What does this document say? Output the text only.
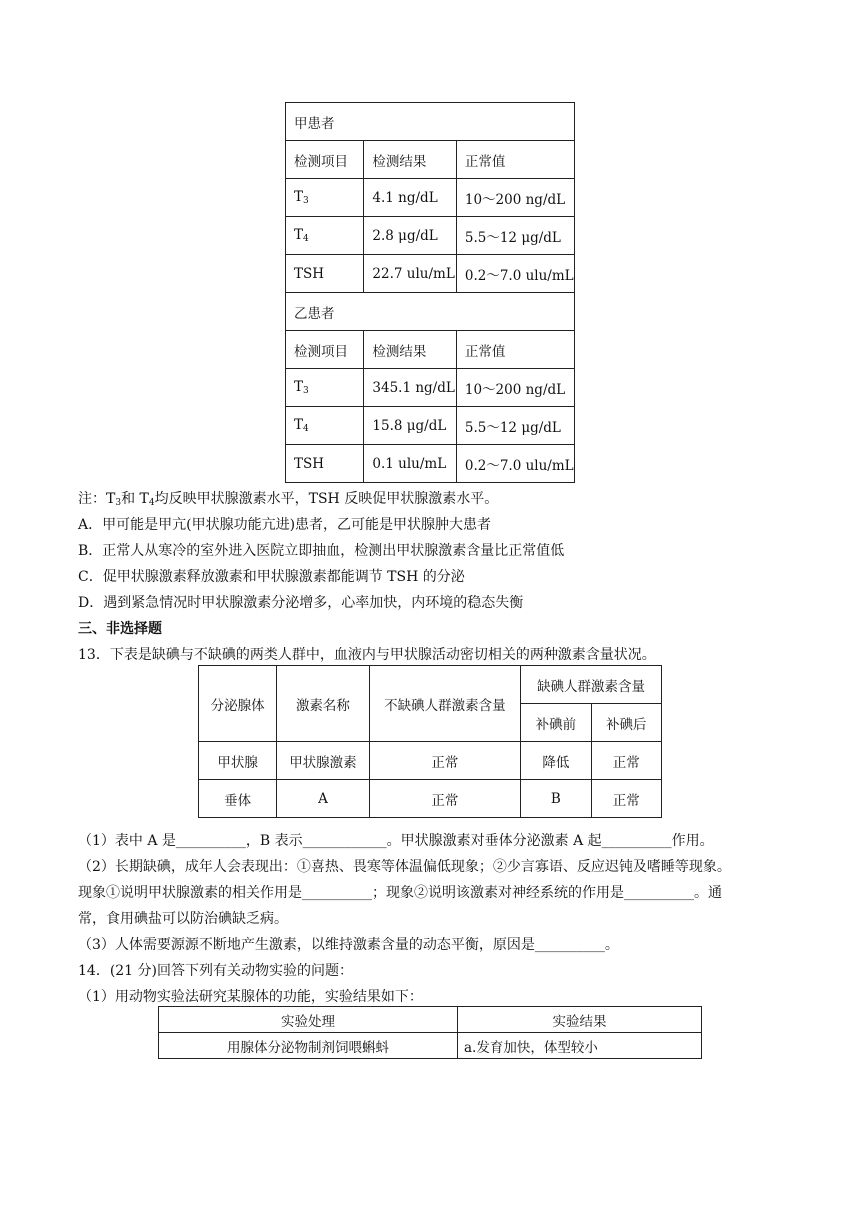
甲患者		
检测项目	检测结果	正常值
$T_3$	4.1 ng/dL	10～200 ng/dL
$T_4$	2.8 μg/dL	5.5～12 μg/dL
TSH	22.7 ulu/mL	0.2～7.0 ulu/mL
乙患者		
检测项目	检测结果	正常值
$T_3$	345.1 ng/dL	10～200 ng/dL
$T_4$	15.8 μg/dL	5.5～12 μg/dL
TSH	0.1 ulu/mL	0.2～7.0 ulu/mL
注：$T_3$和 $T_4$均反映甲状腺激素水平，TSH 反映促甲状腺激素水平。
A．甲可能是甲亢(甲状腺功能亢进)患者，乙可能是甲状腺肿大患者
B．正常人从寒冷的室外进入医院立即抽血，检测出甲状腺激素含量比正常值低
C．促甲状腺激素释放激素和甲状腺激素都能调节 TSH 的分泌
D．遇到紧急情况时甲状腺激素分泌增多，心率加快，内环境的稳态失衡
三、非选择题
13．下表是缺碘与不缺碘的两类人群中，血液内与甲状腺活动密切相关的两种激素含量状况。
分泌腺体	激素名称	不缺碘人群激素含量	缺碘人群激素含量	
			补碘前	补碘后
甲状腺	甲状腺激素	正常	降低	正常
垂体	A	正常	B	正常
（1）表中 A 是__________，B 表示____________。甲状腺激素对垂体分泌激素 A 起__________作用。
（2）长期缺碘，成年人会表现出：①喜热、畏寒等体温偏低现象；②少言寡语、反应迟钝及嗜睡等现象。
现象①说明甲状腺激素的相关作用是__________；现象②说明该激素对神经系统的作用是__________。通
常，食用碘盐可以防治碘缺乏病。
（3）人体需要源源不断地产生激素，以维持激素含量的动态平衡，原因是__________。
14．(21 分)回答下列有关动物实验的问题：
（1）用动物实验法研究某腺体的功能，实验结果如下：
实验处理	实验结果
用腺体分泌物制剂饲喂蝌蚪	a.发育加快，体型较小
